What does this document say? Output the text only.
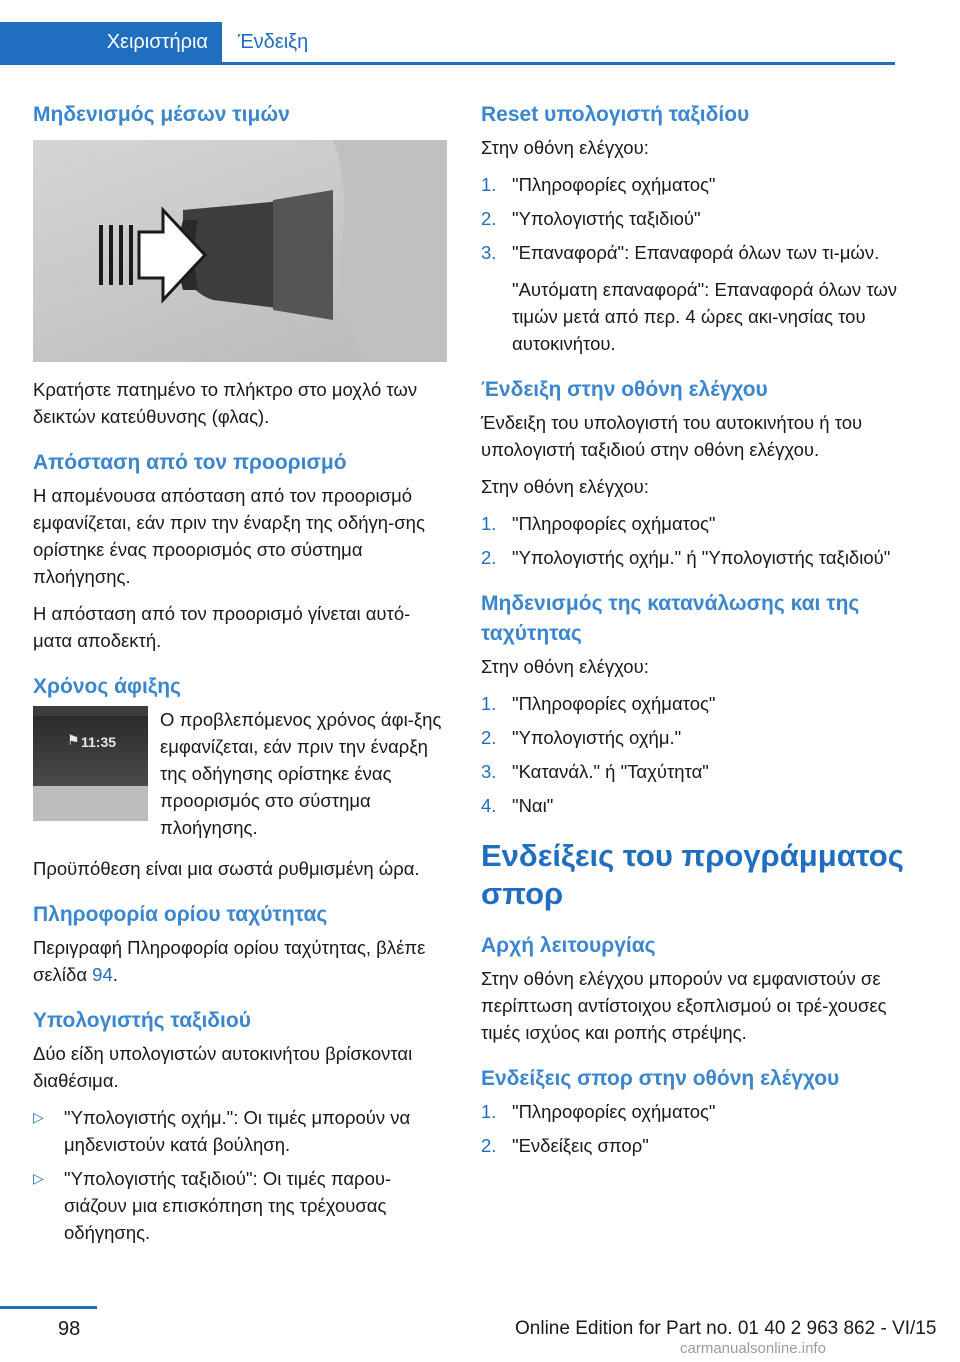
Χειριστήρια	Ένδειξη
Μηδενισμός μέσων τιμών

Κρατήστε πατημένο το πλήκτρο στο μοχλό των δεικτών κατεύθυνσης (φλας).

Απόσταση από τον προορισμό

Η απομένουσα απόσταση από τον προορισμό εμφανίζεται, εάν πριν την έναρξη της οδήγη-σης ορίστηκε ένας προορισμός στο σύστημα πλοήγησης.

Η απόσταση από τον προορισμό γίνεται αυτό-ματα αποδεκτή.

Χρόνος άφιξης
⚑ 11:35

Ο προβλεπόμενος χρόνος άφι-ξης εμφανίζεται, εάν πριν την έναρξη της οδήγησης ορίστηκε ένας προορισμός στο σύστημα πλοήγησης.

Προϋπόθεση είναι μια σωστά ρυθμισμένη ώρα.

Πληροφορία ορίου ταχύτητας

Περιγραφή Πληροφορία ορίου ταχύτητας, βλέπε σελίδα 94.

Υπολογιστής ταξιδιού

Δύο είδη υπολογιστών αυτοκινήτου βρίσκονται διαθέσιμα.

▷	"Υπολογιστής οχήμ.": Οι τιμές μπορούν να μηδενιστούν κατά βούληση.
▷	"Υπολογιστής ταξιδιού": Οι τιμές παρου-σιάζουν μια επισκόπηση της τρέχουσας οδήγησης.
Reset υπολογιστή ταξιδίου

Στην οθόνη ελέγχου:

1. "Πληροφορίες οχήματος"
2. "Υπολογιστής ταξιδιού"
3. "Επαναφορά": Επαναφορά όλων των τι-μών.

"Αυτόματη επαναφορά": Επαναφορά όλων των τιμών μετά από περ. 4 ώρες ακι-νησίας του αυτοκινήτου.

Ένδειξη στην οθόνη ελέγχου

Ένδειξη του υπολογιστή του αυτοκινήτου ή του υπολογιστή ταξιδιού στην οθόνη ελέγχου.

Στην οθόνη ελέγχου:

1. "Πληροφορίες οχήματος"
2. "Υπολογιστής οχήμ." ή "Υπολογιστής ταξιδιού"
Μηδενισμός της κατανάλωσης και της ταχύτητας

Στην οθόνη ελέγχου:

1. "Πληροφορίες οχήματος"
2. "Υπολογιστής οχήμ."
3. "Κατανάλ." ή "Ταχύτητα"
4. "Ναι"
Ενδείξεις του προγράμματος σπορ
Αρχή λειτουργίας

Στην οθόνη ελέγχου μπορούν να εμφανιστούν σε περίπτωση αντίστοιχου εξοπλισμού οι τρέ-χουσες τιμές ισχύος και ροπής στρέψης.

Ενδείξεις σπορ στην οθόνη ελέγχου
1. "Πληροφορίες οχήματος"
2. "Ενδείξεις σπορ"
98	Online Edition for Part no. 01 40 2 963 862 - VI/15
carmanualsonline.info
